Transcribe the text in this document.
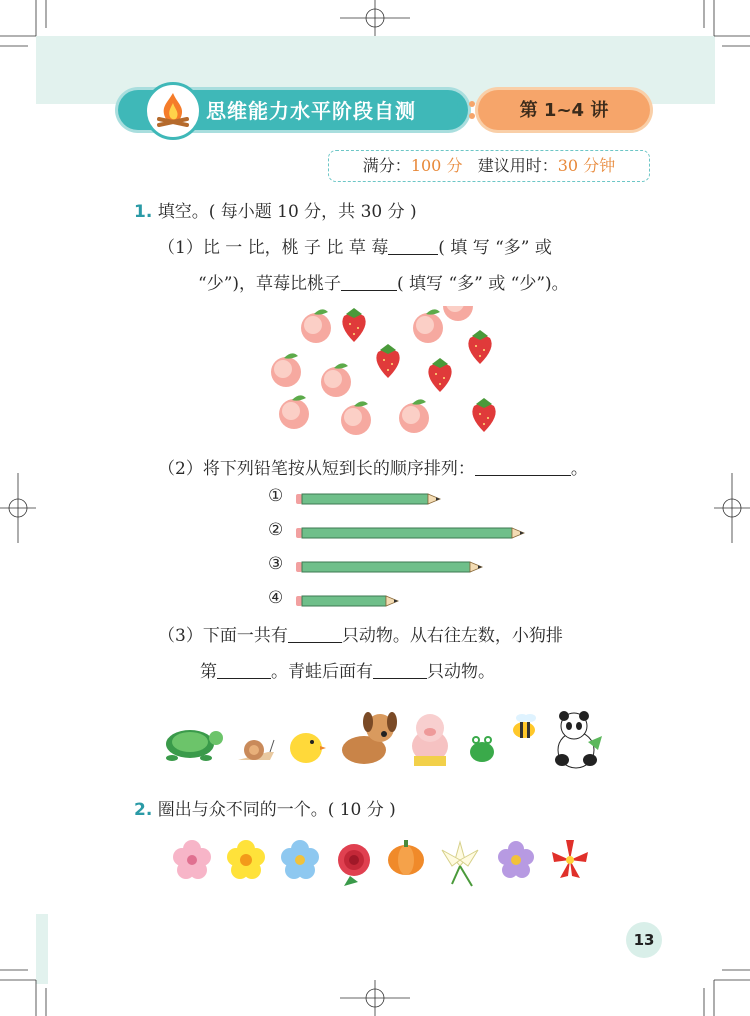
思维能力水平阶段自测	第 1~4 讲
满分：100 分 建议用时：30 分钟
1. 填空。( 每小题 10 分，共 30 分 )
（1）比 一 比，桃 子 比 草 莓	( 填 写 “多” 或
“少”)，草莓比桃子	( 填写 “多” 或 “少”)。
（2）将下列铅笔按从短到长的顺序排列：	。
①
②
③
④
（3）下面一共有	只动物。从右往左数，小狗排
第	。青蛙后面有	只动物。
2. 圈出与众不同的一个。( 10 分 )
13
